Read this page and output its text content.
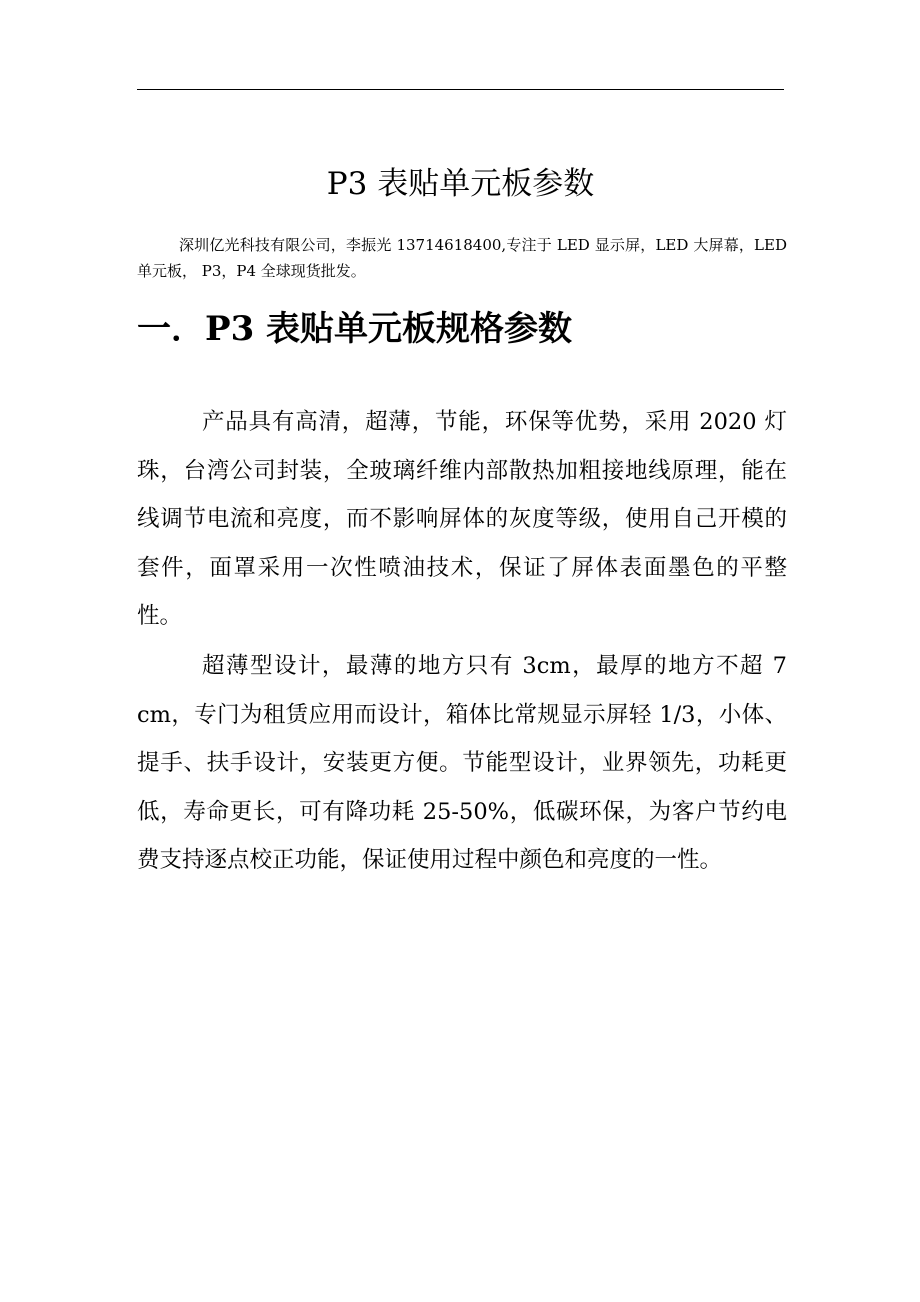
P3 表贴单元板参数
深圳亿光科技有限公司，李振光 13714618400,专注于 LED 显示屏，LED 大屏幕，LED 单元板， P3，P4 全球现货批发。
一．P3 表贴单元板规格参数

产品具有高清，超薄，节能，环保等优势，采用 2020 灯珠，台湾公司封装，全玻璃纤维内部散热加粗接地线原理，能在线调节电流和亮度，而不影响屏体的灰度等级，使用自己开模的套件，面罩采用一次性喷油技术，保证了屏体表面墨色的平整性。

超薄型设计，最薄的地方只有 3cm，最厚的地方不超 7 cm，专门为租赁应用而设计，箱体比常规显示屏轻 1/3，小体、提手、扶手设计，安装更方便。节能型设计，业界领先，功耗更低，寿命更长，可有降功耗 25-50%，低碳环保，为客户节约电费支持逐点校正功能，保证使用过程中颜色和亮度的一性。
